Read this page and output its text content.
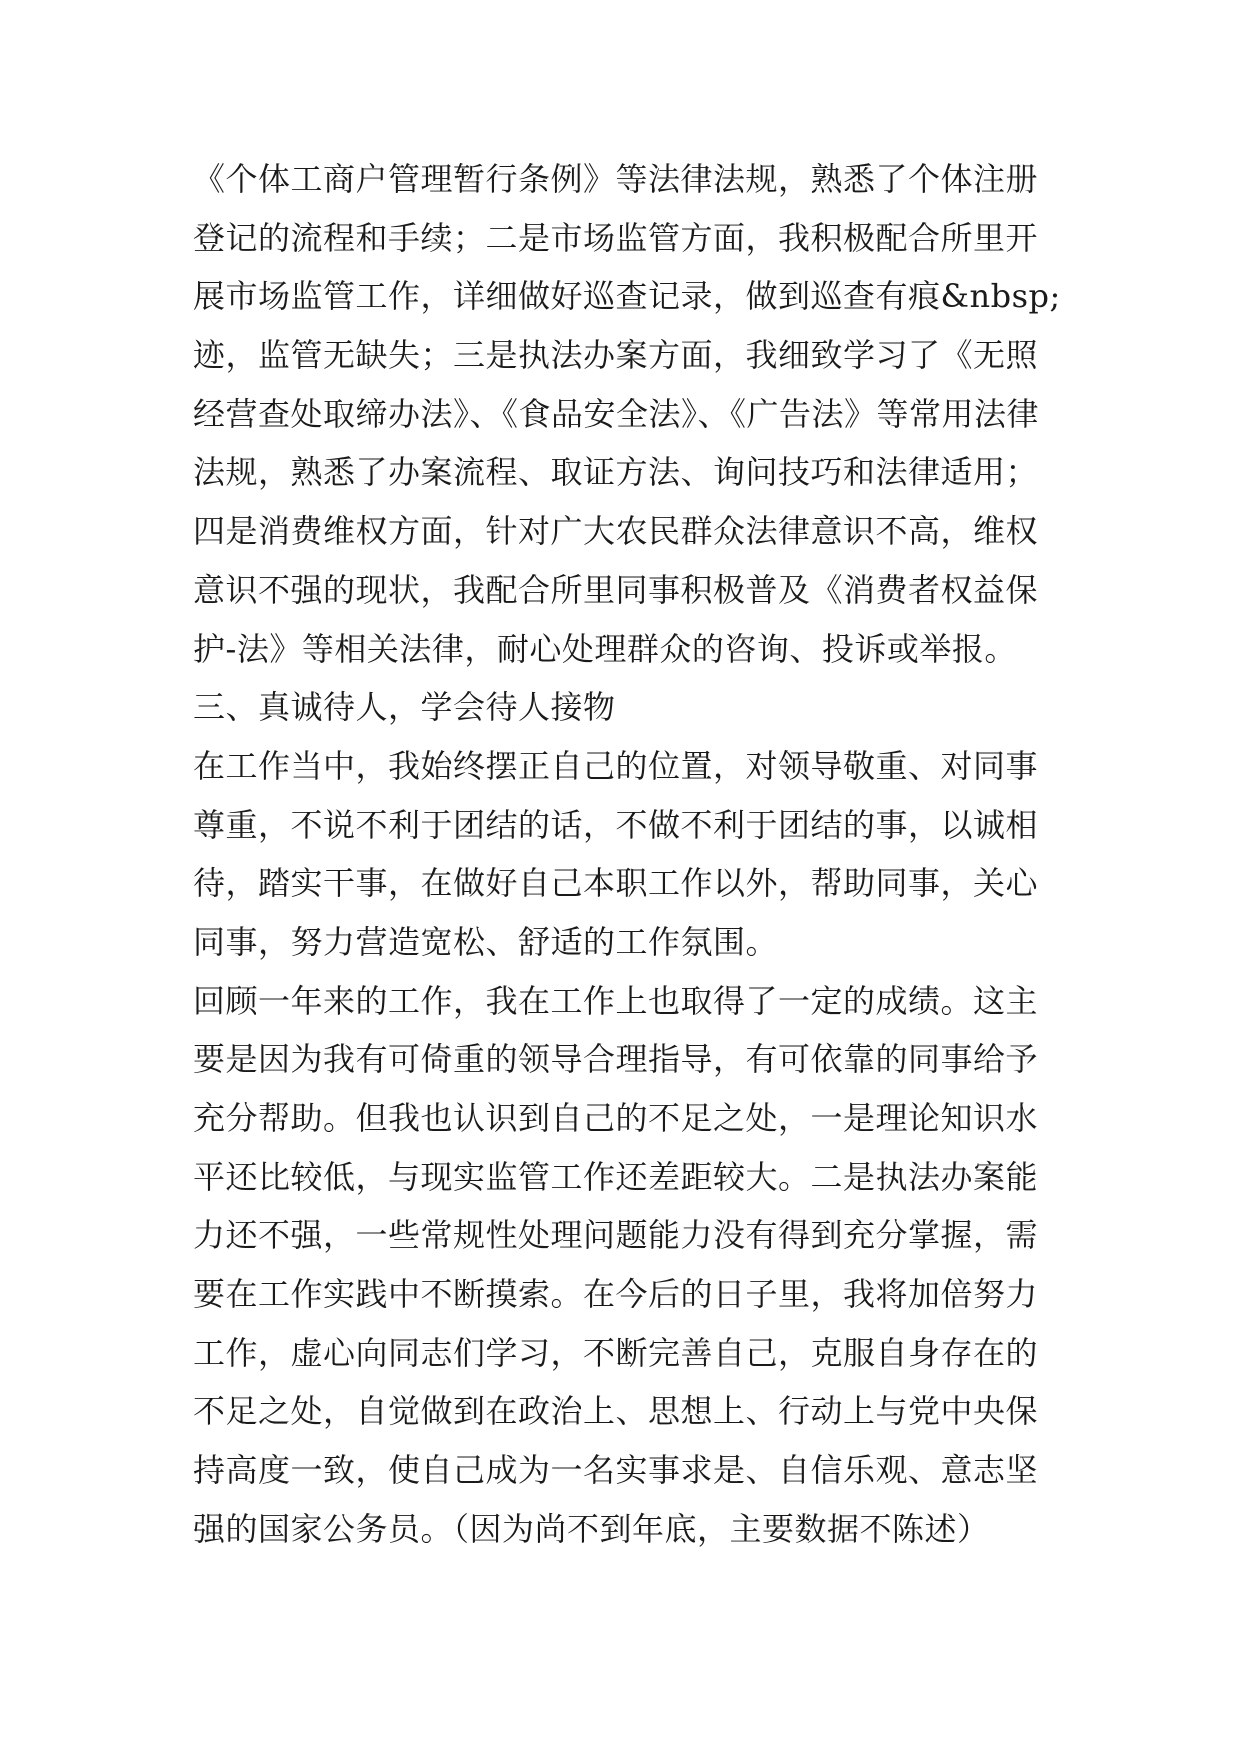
《个体工商户管理暂行条例》等法律法规，熟悉了个体注册
登记的流程和手续；二是市场监管方面，我积极配合所里开
展市场监管工作，详细做好巡查记录，做到巡查有痕&nbsp;
迹，监管无缺失；三是执法办案方面，我细致学习了《无照
经营查处取缔办法》、《食品安全法》、《广告法》等常用法律
法规，熟悉了办案流程、取证方法、询问技巧和法律适用；
四是消费维权方面，针对广大农民群众法律意识不高，维权
意识不强的现状，我配合所里同事积极普及《消费者权益保
护-法》等相关法律，耐心处理群众的咨询、投诉或举报。
三、真诚待人，学会待人接物
在工作当中，我始终摆正自己的位置，对领导敬重、对同事
尊重，不说不利于团结的话，不做不利于团结的事，以诚相
待，踏实干事，在做好自己本职工作以外，帮助同事，关心
同事，努力营造宽松、舒适的工作氛围。
回顾一年来的工作，我在工作上也取得了一定的成绩。这主
要是因为我有可倚重的领导合理指导，有可依靠的同事给予
充分帮助。但我也认识到自己的不足之处，一是理论知识水
平还比较低，与现实监管工作还差距较大。二是执法办案能
力还不强，一些常规性处理问题能力没有得到充分掌握，需
要在工作实践中不断摸索。在今后的日子里，我将加倍努力
工作，虚心向同志们学习，不断完善自己，克服自身存在的
不足之处，自觉做到在政治上、思想上、行动上与党中央保
持高度一致，使自己成为一名实事求是、自信乐观、意志坚
强的国家公务员。（因为尚不到年底，主要数据不陈述）
